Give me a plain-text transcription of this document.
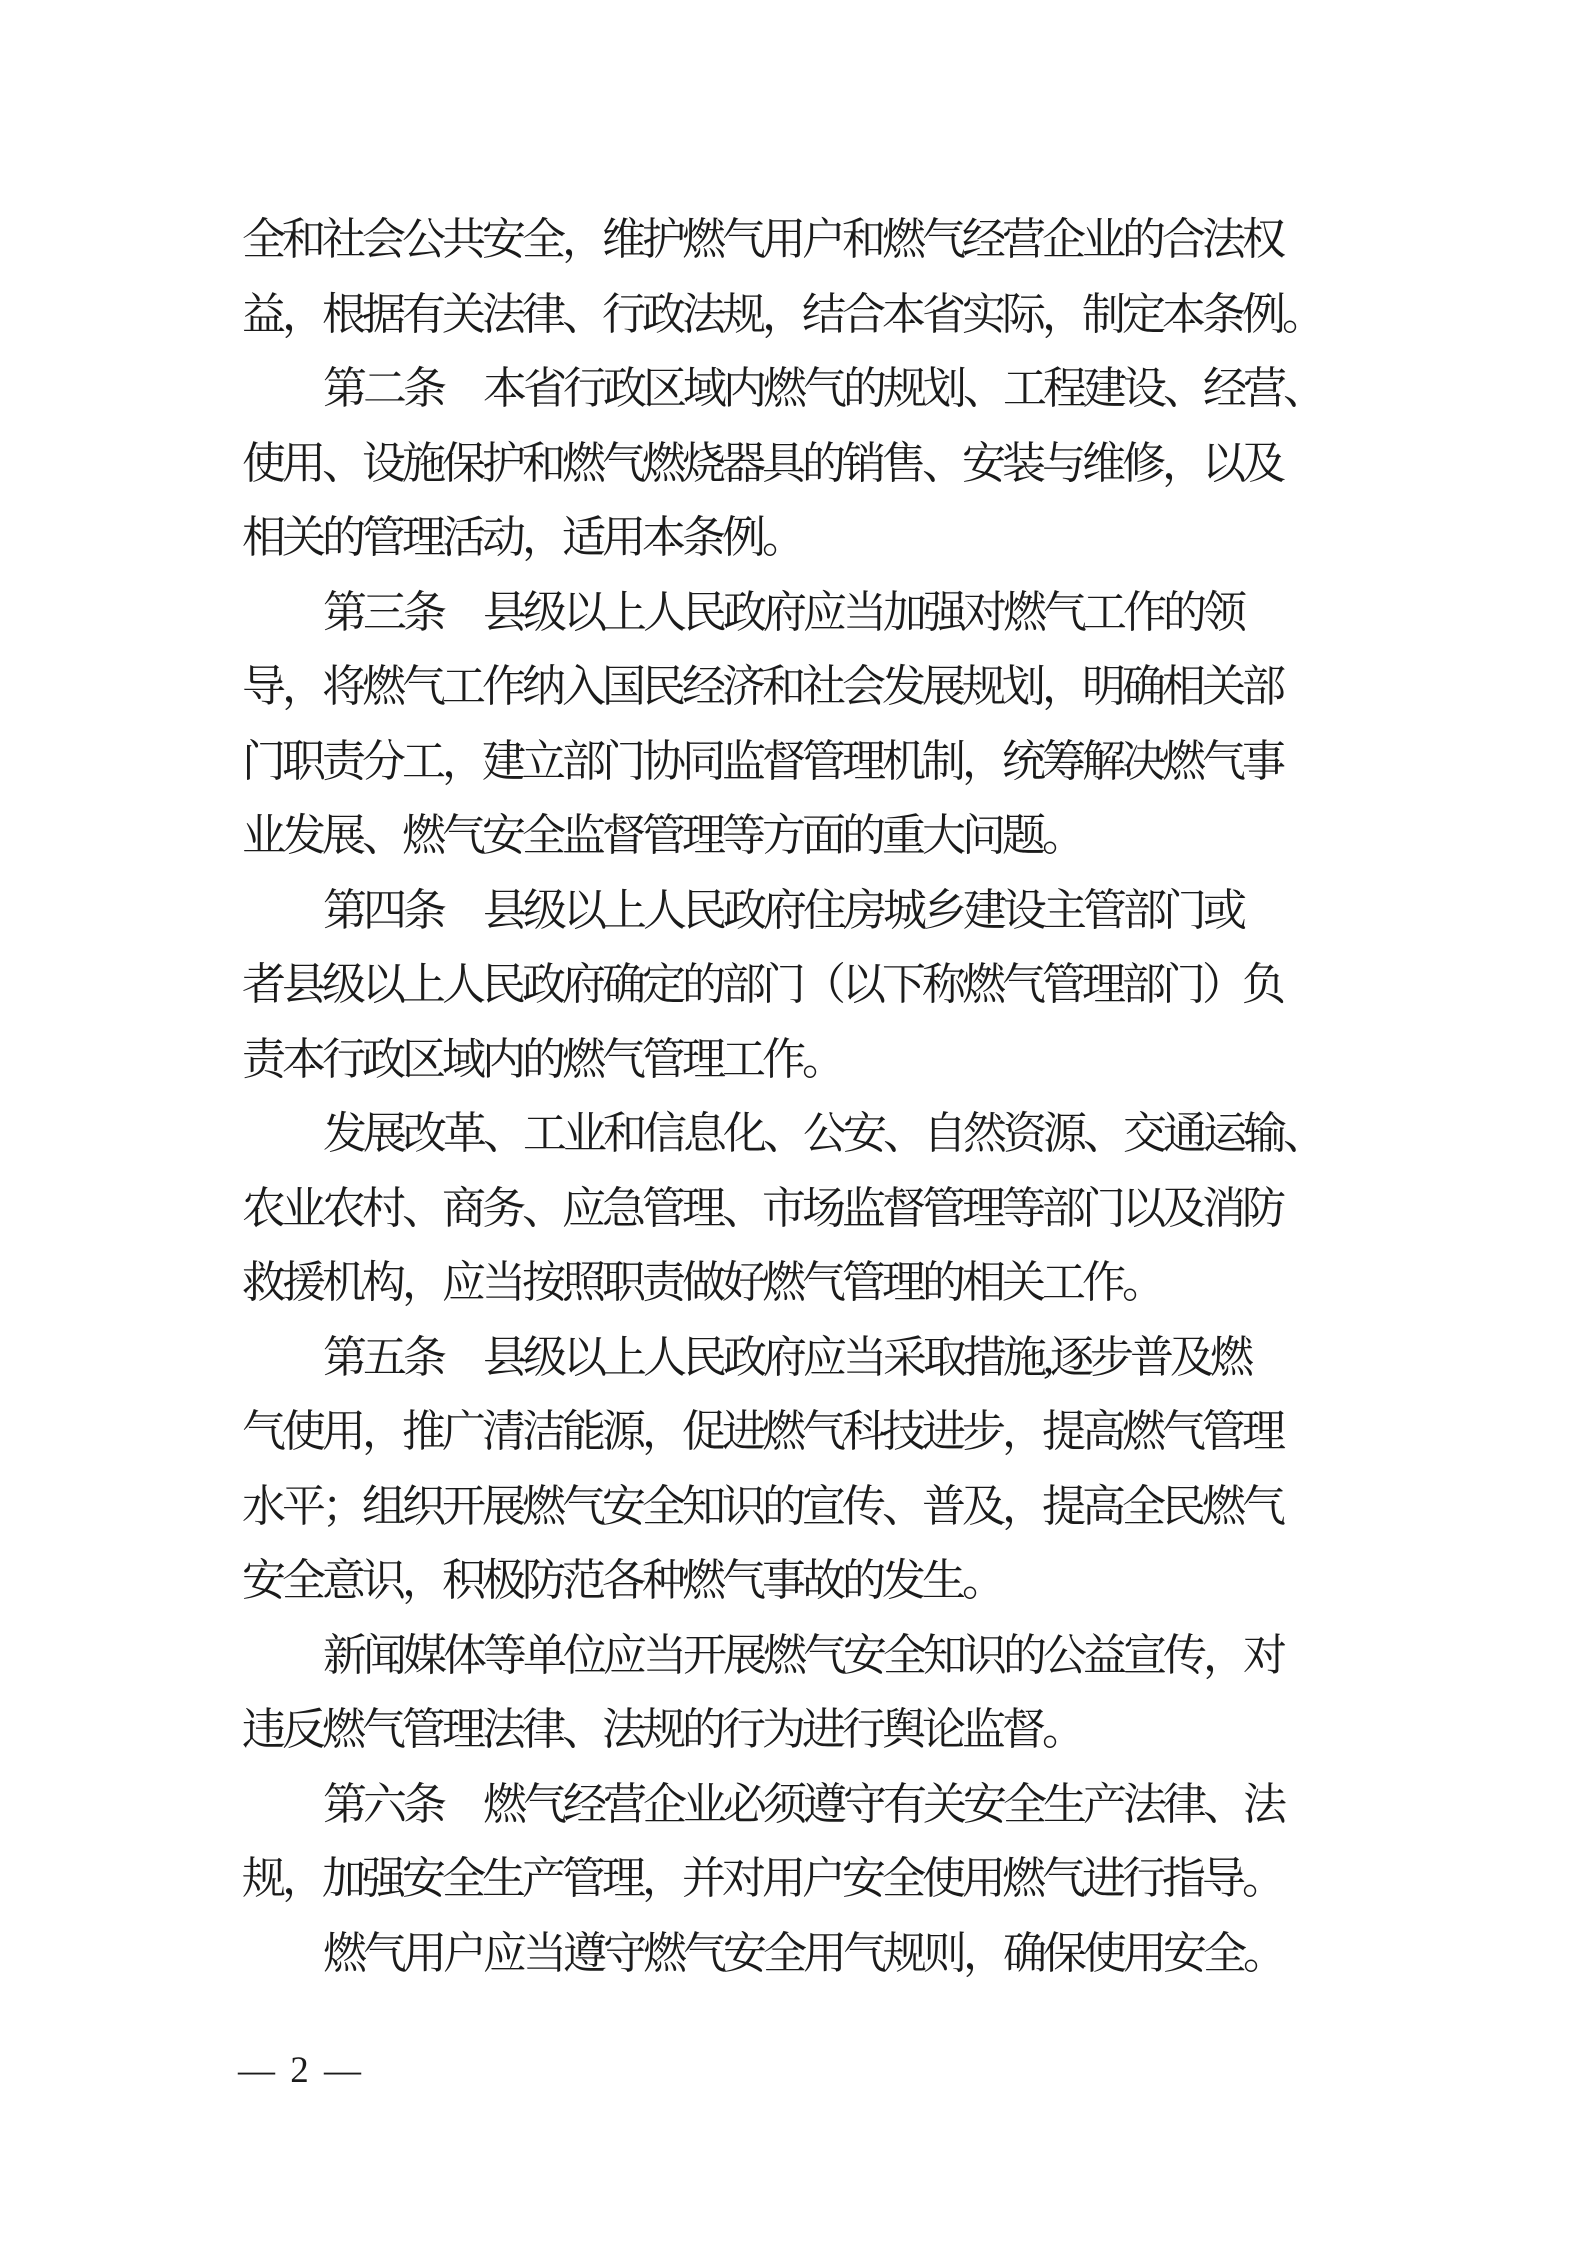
全和社会公共安全，维护燃气用户和燃气经营企业的合法权
益，根据有关法律、行政法规，结合本省实际，制定本条例。
第二条　本省行政区域内燃气的规划、工程建设、经营、
使用、设施保护和燃气燃烧器具的销售、安装与维修，以及
相关的管理活动，适用本条例。
第三条　县级以上人民政府应当加强对燃气工作的领
导，将燃气工作纳入国民经济和社会发展规划，明确相关部
门职责分工，建立部门协同监督管理机制，统筹解决燃气事
业发展、燃气安全监督管理等方面的重大问题。
第四条　县级以上人民政府住房城乡建设主管部门或
者县级以上人民政府确定的部门（以下称燃气管理部门）负
责本行政区域内的燃气管理工作。
发展改革、工业和信息化、公安、自然资源、交通运输、
农业农村、商务、应急管理、市场监督管理等部门以及消防
救援机构，应当按照职责做好燃气管理的相关工作。
第五条　县级以上人民政府应当采取措施,逐步普及燃
气使用，推广清洁能源，促进燃气科技进步，提高燃气管理
水平；组织开展燃气安全知识的宣传、普及，提高全民燃气
安全意识，积极防范各种燃气事故的发生。
新闻媒体等单位应当开展燃气安全知识的公益宣传，对
违反燃气管理法律、法规的行为进行舆论监督。
第六条　燃气经营企业必须遵守有关安全生产法律、法
规，加强安全生产管理，并对用户安全使用燃气进行指导。
燃气用户应当遵守燃气安全用气规则，确保使用安全。
— 2 —
